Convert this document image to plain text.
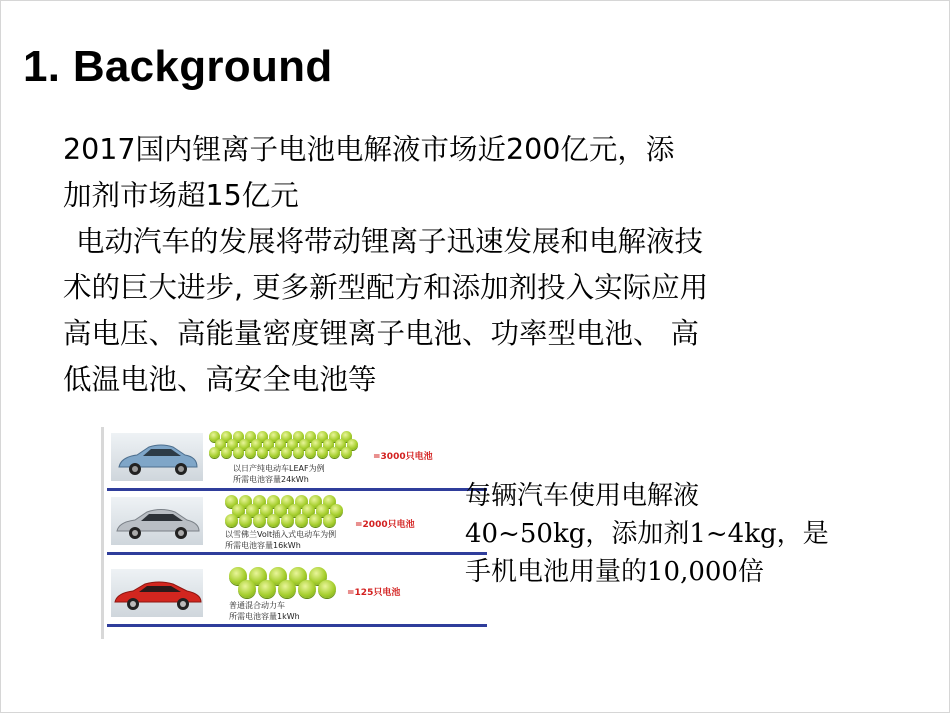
1. Background
2017国内锂离子电池电解液市场近200亿元，添
加剂市场超15亿元
电动汽车的发展将带动锂离子迅速发展和电解液技
术的巨大进步, 更多新型配方和添加剂投入实际应用
高电压、高能量密度锂离子电池、功率型电池、 高
低温电池、高安全电池等
=3000只电池
以日产纯电动车LEAF为例
所需电池容量24kWh
=2000只电池
以雪佛兰Volt插入式电动车为例
所需电池容量16kWh
=125只电池
普通混合动力车
所需电池容量1kWh
每辆汽车使用电解液
40~50kg，添加剂1~4kg，是
手机电池用量的10,000倍
